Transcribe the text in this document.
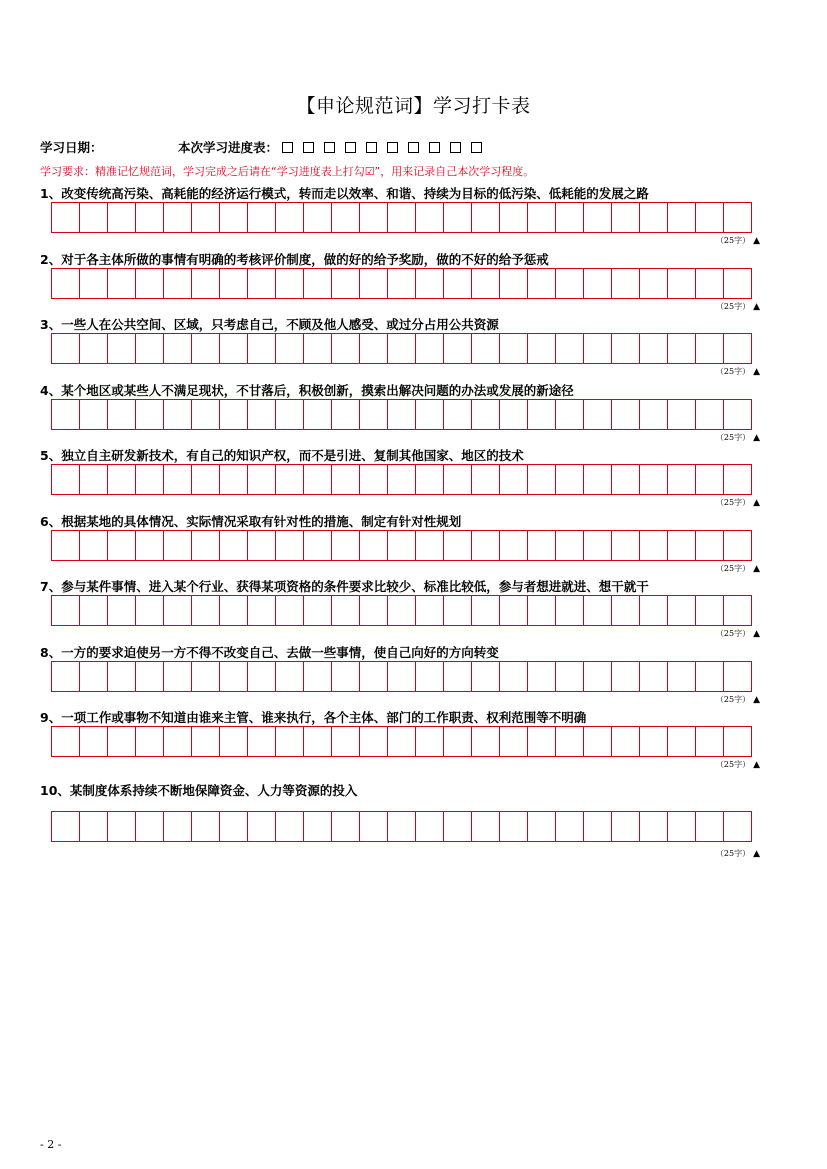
【申论规范词】学习打卡表
学习日期：	本次学习进度表：
学习要求：精准记忆规范词，学习完成之后请在“学习进度表上打勾☑”，用来记录自己本次学习程度。
1、改变传统高污染、高耗能的经济运行模式，转而走以效率、和谐、持续为目标的低污染、低耗能的发展之路
（25字） ▲
2、对于各主体所做的事情有明确的考核评价制度，做的好的给予奖励，做的不好的给予惩戒
（25字） ▲
3、一些人在公共空间、区域，只考虑自己，不顾及他人感受、或过分占用公共资源
（25字） ▲
4、某个地区或某些人不满足现状，不甘落后，积极创新，摸索出解决问题的办法或发展的新途径
（25字） ▲
5、独立自主研发新技术，有自己的知识产权，而不是引进、复制其他国家、地区的技术
（25字） ▲
6、根据某地的具体情况、实际情况采取有针对性的措施、制定有针对性规划
（25字） ▲
7、参与某件事情、进入某个行业、获得某项资格的条件要求比较少、标准比较低，参与者想进就进、想干就干
（25字） ▲
8、一方的要求迫使另一方不得不改变自己、去做一些事情，使自己向好的方向转变
（25字） ▲
9、一项工作或事物不知道由谁来主管、谁来执行，各个主体、部门的工作职责、权利范围等不明确
（25字） ▲
10、某制度体系持续不断地保障资金、人力等资源的投入
（25字） ▲
- 2 -
